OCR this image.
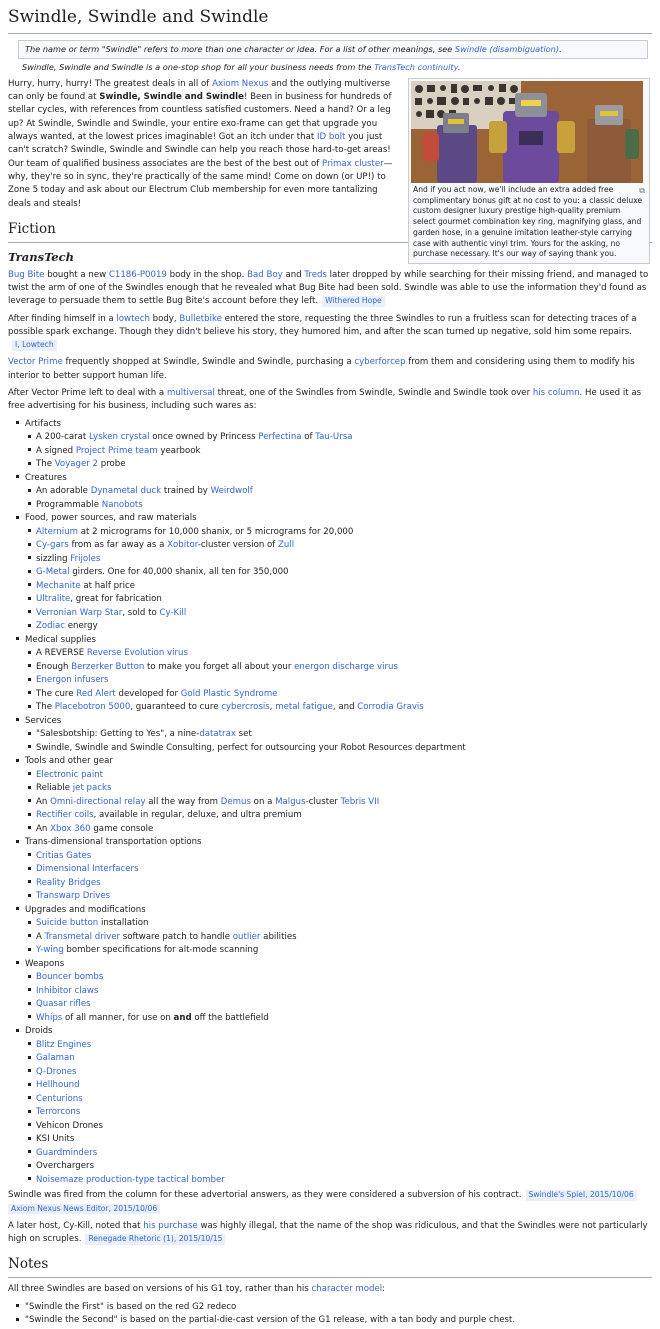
Swindle, Swindle and Swindle
The name or term "Swindle" refers to more than one character or idea. For a list of other meanings, see Swindle (disambiguation).
Swindle, Swindle and Swindle is a one-stop shop for all your business needs from the TransTech continuity.
⧉
And if you act now, we'll include an extra added free complimentary bonus gift at no cost to you: a classic deluxe custom designer luxury prestige high-quality premium select gourmet combination key ring, magnifying glass, and garden hose, in a genuine imitation leather-style carrying case with authentic vinyl trim. Yours for the asking, no purchase necessary. It's our way of saying thank you.

Hurry, hurry, hurry! The greatest deals in all of Axiom Nexus and the outlying multiverse can only be found at Swindle, Swindle and Swindle! Been in business for hundreds of stellar cycles, with references from countless satisfied customers. Need a hand? Or a leg up? At Swindle, Swindle and Swindle, your entire exo-frame can get that upgrade you always wanted, at the lowest prices imaginable! Got an itch under that ID bolt you just can't scratch? Swindle, Swindle and Swindle can help you reach those hard-to-get areas! Our team of qualified business associates are the best of the best out of Primax cluster—why, they're so in sync, they're practically of the same mind! Come on down (or UP!) to Zone 5 today and ask about our Electrum Club membership for even more tantalizing deals and steals!

Fiction
TransTech

Bug Bite bought a new C1186-P0019 body in the shop. Bad Boy and Treds later dropped by while searching for their missing friend, and managed to twist the arm of one of the Swindles enough that he revealed what Bug Bite had been sold. Swindle was able to use the information they'd found as leverage to persuade them to settle Bug Bite's account before they left. Withered Hope

After finding himself in a lowtech body, Bulletbike entered the store, requesting the three Swindles to run a fruitless scan for detecting traces of a possible spark exchange. Though they didn't believe his story, they humored him, and after the scan turned up negative, sold him some repairs.I, Lowtech

Vector Prime frequently shopped at Swindle, Swindle and Swindle, purchasing a cyberforcep from them and considering using them to modify his interior to better support human life.

After Vector Prime left to deal with a multiversal threat, one of the Swindles from Swindle, Swindle and Swindle took over his column. He used it as free advertising for his business, including such wares as:

Artifacts
A 200-carat Lysken crystal once owned by Princess Perfectina of Tau-Ursa
A signed Project Prime team yearbook
The Voyager 2 probe
Creatures
An adorable Dynametal duck trained by Weirdwolf
Programmable Nanobots
Food, power sources, and raw materials
Alternium at 2 micrograms for 10,000 shanix, or 5 micrograms for 20,000
Cy-gars from as far away as a Xobitor-cluster version of Zull
sizzling Frijoles
G-Metal girders. One for 40,000 shanix, all ten for 350,000
Mechanite at half price
Ultralite, great for fabrication
Verronian Warp Star, sold to Cy-Kill
Zodiac energy
Medical supplies
A REVERSE Reverse Evolution virus
Enough Berzerker Button to make you forget all about your energon discharge virus
Energon infusers
The cure Red Alert developed for Gold Plastic Syndrome
The Placebotron 5000, guaranteed to cure cybercrosis, metal fatigue, and Corrodia Gravis
Services
"Salesbotship: Getting to Yes", a nine-datatrax set
Swindle, Swindle and Swindle Consulting, perfect for outsourcing your Robot Resources department
Tools and other gear
Electronic paint
Reliable jet packs
An Omni-directional relay all the way from Demus on a Malgus-cluster Tebris VII
Rectifier coils, available in regular, deluxe, and ultra premium
An Xbox 360 game console
Trans-dimensional transportation options
Critias Gates
Dimensional Interfacers
Reality Bridges
Transwarp Drives
Upgrades and modifications
Suicide button installation
A Transmetal driver software patch to handle outlier abilities
Y-wing bomber specifications for alt-mode scanning
Weapons
Bouncer bombs
Inhibitor claws
Quasar rifles
Whips of all manner, for use on and off the battlefield
Droids
Blitz Engines
Galaman
Q-Drones
Hellhound
Centurions
Terrorcons
Vehicon Drones
KSI Units
Guardminders
Overchargers
Noisemaze production-type tactical bomber

Swindle was fired from the column for these advertorial answers, as they were considered a subversion of his contract. Swindle's Spiel, 2015/10/06 Axiom Nexus News Editor, 2015/10/06

A later host, Cy-Kill, noted that his purchase was highly illegal, that the name of the shop was ridiculous, and that the Swindles were not particularly high on scruples. Renegade Rhetoric (1), 2015/10/15

Notes

All three Swindles are based on versions of his G1 toy, rather than his character model:

"Swindle the First" is based on the red G2 redeco
"Swindle the Second" is based on the partial-die-cast version of the G1 release, with a tan body and purple chest.
